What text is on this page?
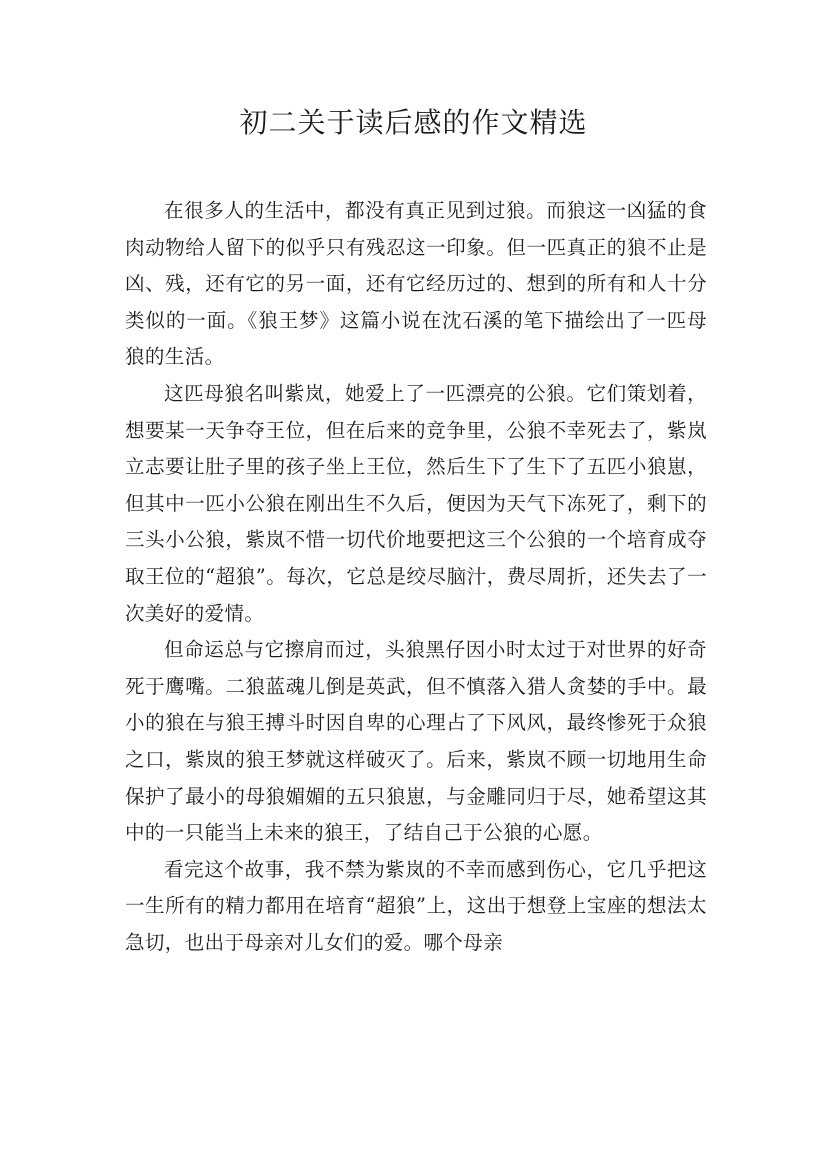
初二关于读后感的作文精选

在很多人的生活中，都没有真正见到过狼。而狼这一凶猛的食肉动物给人留下的似乎只有残忍这一印象。但一匹真正的狼不止是凶、残，还有它的另一面，还有它经历过的、想到的所有和人十分类似的一面。《狼王梦》这篇小说在沈石溪的笔下描绘出了一匹母狼的生活。

这匹母狼名叫紫岚，她爱上了一匹漂亮的公狼。它们策划着，想要某一天争夺王位，但在后来的竞争里，公狼不幸死去了，紫岚立志要让肚子里的孩子坐上王位，然后生下了生下了五匹小狼崽，但其中一匹小公狼在刚出生不久后，便因为天气下冻死了，剩下的三头小公狼，紫岚不惜一切代价地要把这三个公狼的一个培育成夺取王位的“超狼”。每次，它总是绞尽脑汁，费尽周折，还失去了一次美好的爱情。

但命运总与它擦肩而过，头狼黑仔因小时太过于对世界的好奇死于鹰嘴。二狼蓝魂儿倒是英武，但不慎落入猎人贪婪的手中。最小的狼在与狼王搏斗时因自卑的心理占了下风风，最终惨死于众狼之口，紫岚的狼王梦就这样破灭了。后来，紫岚不顾一切地用生命保护了最小的母狼媚媚的五只狼崽，与金雕同归于尽，她希望这其中的一只能当上未来的狼王，了结自己于公狼的心愿。

看完这个故事，我不禁为紫岚的不幸而感到伤心，它几乎把这一生所有的精力都用在培育“超狼”上，这出于想登上宝座的想法太急切，也出于母亲对儿女们的爱。哪个母亲
